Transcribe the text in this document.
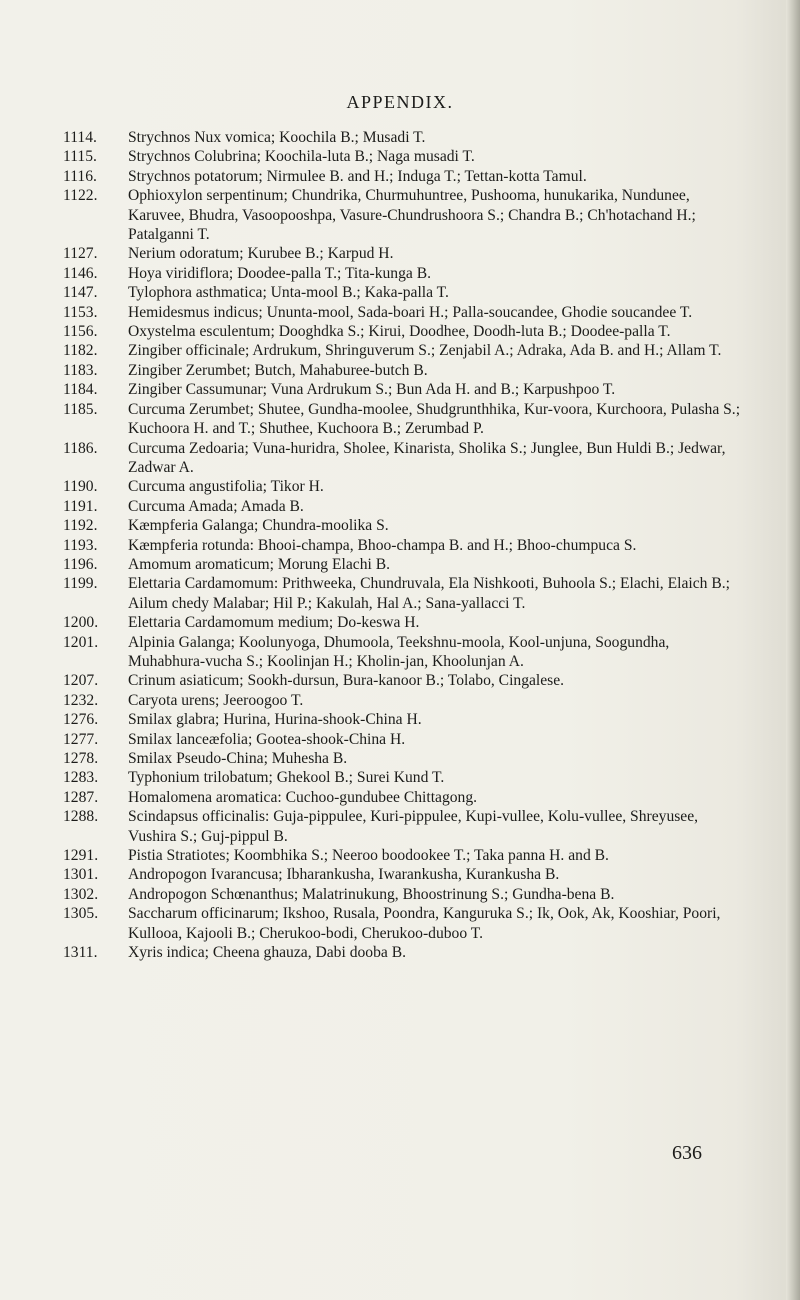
APPENDIX.
1114.	Strychnos Nux vomica; Koochila B.; Musadi T.
1115.	Strychnos Colubrina; Koochila-luta B.; Naga musadi T.
1116.	Strychnos potatorum; Nirmulee B. and H.; Induga T.; Tettan-kotta Tamul.
1122.	Ophioxylon serpentinum; Chundrika, Churmuhuntree, Pushooma, hunukarika, Nundunee, Karuvee, Bhudra, Vasoopooshpa, Vasure-Chundrushoora S.; Chandra B.; Ch'hotachand H.; Patalganni T.
1127.	Nerium odoratum; Kurubee B.; Karpud H.
1146.	Hoya viridiflora; Doodee-palla T.; Tita-kunga B.
1147.	Tylophora asthmatica; Unta-mool B.; Kaka-palla T.
1153.	Hemidesmus indicus; Ununta-mool, Sada-boari H.; Palla-soucandee, Ghodie soucandee T.
1156.	Oxystelma esculentum; Dooghdka S.; Kirui, Doodhee, Doodh-luta B.; Doodee-palla T.
1182.	Zingiber officinale; Ardrukum, Shringuverum S.; Zenjabil A.; Adraka, Ada B. and H.; Allam T.
1183.	Zingiber Zerumbet; Butch, Mahaburee-butch B.
1184.	Zingiber Cassumunar; Vuna Ardrukum S.; Bun Ada H. and B.; Karpushpoo T.
1185.	Curcuma Zerumbet; Shutee, Gundha-moolee, Shudgrunthhika, Kur-voora, Kurchoora, Pulasha S.; Kuchoora H. and T.; Shuthee, Kuchoora B.; Zerumbad P.
1186.	Curcuma Zedoaria; Vuna-huridra, Sholee, Kinarista, Sholika S.; Junglee, Bun Huldi B.; Jedwar, Zadwar A.
1190.	Curcuma angustifolia; Tikor H.
1191.	Curcuma Amada; Amada B.
1192.	Kæmpferia Galanga; Chundra-moolika S.
1193.	Kæmpferia rotunda: Bhooi-champa, Bhoo-champa B. and H.; Bhoo-chumpuca S.
1196.	Amomum aromaticum; Morung Elachi B.
1199.	Elettaria Cardamomum: Prithweeka, Chundruvala, Ela Nishkooti, Buhoola S.; Elachi, Elaich B.; Ailum chedy Malabar; Hil P.; Kakulah, Hal A.; Sana-yallacci T.
1200.	Elettaria Cardamomum medium; Do-keswa H.
1201.	Alpinia Galanga; Koolunyoga, Dhumoola, Teekshnu-moola, Kool-unjuna, Soogundha, Muhabhura-vucha S.; Koolinjan H.; Kholin-jan, Khoolunjan A.
1207.	Crinum asiaticum; Sookh-dursun, Bura-kanoor B.; Tolabo, Cingalese.
1232.	Caryota urens; Jeeroogoo T.
1276.	Smilax glabra; Hurina, Hurina-shook-China H.
1277.	Smilax lanceæfolia; Gootea-shook-China H.
1278.	Smilax Pseudo-China; Muhesha B.
1283.	Typhonium trilobatum; Ghekool B.; Surei Kund T.
1287.	Homalomena aromatica: Cuchoo-gundubee Chittagong.
1288.	Scindapsus officinalis: Guja-pippulee, Kuri-pippulee, Kupi-vullee, Kolu-vullee, Shreyusee, Vushira S.; Guj-pippul B.
1291.	Pistia Stratiotes; Koombhika S.; Neeroo boodookee T.; Taka panna H. and B.
1301.	Andropogon Ivarancusa; Ibharankusha, Iwarankusha, Kurankusha B.
1302.	Andropogon Schœnanthus; Malatrinukung, Bhoostrinung S.; Gundha-bena B.
1305.	Saccharum officinarum; Ikshoo, Rusala, Poondra, Kanguruka S.; Ik, Ook, Ak, Kooshiar, Poori, Kullooa, Kajooli B.; Cherukoo-bodi, Cherukoo-duboo T.
1311.	Xyris indica; Cheena ghauza, Dabi dooba B.
636
